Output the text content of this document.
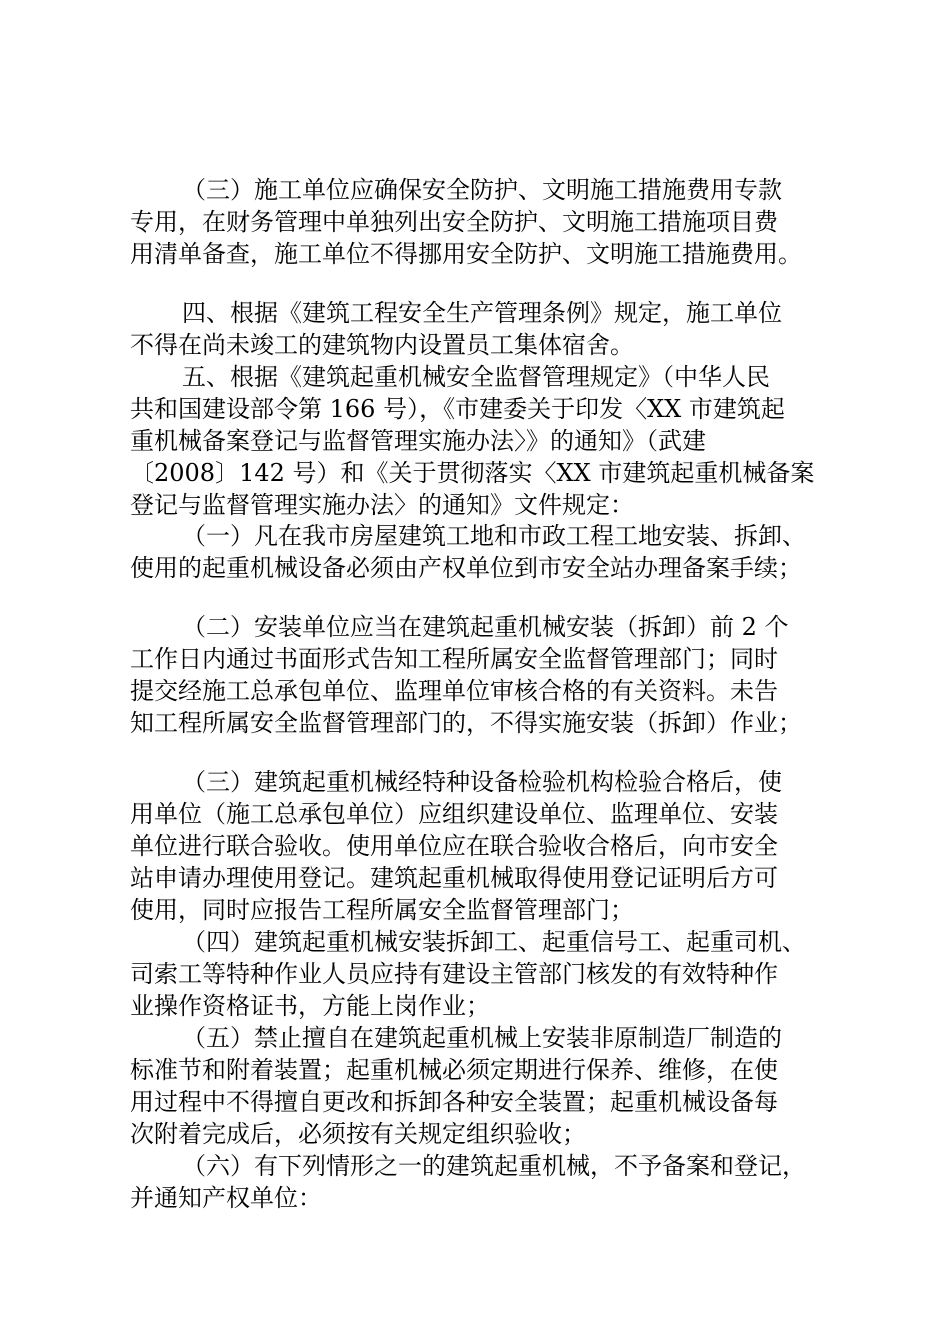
（三）施工单位应确保安全防护、文明施工措施费用专款
专用，在财务管理中单独列出安全防护、文明施工措施项目费
用清单备查，施工单位不得挪用安全防护、文明施工措施费用。
四、根据《建筑工程安全生产管理条例》规定，施工单位
不得在尚未竣工的建筑物内设置员工集体宿舍。
五、根据《建筑起重机械安全监督管理规定》（中华人民
共和国建设部令第 166 号），《市建委关于印发〈XX 市建筑起
重机械备案登记与监督管理实施办法〉》的通知》（武建
〔2008〕142 号）和《关于贯彻落实〈XX 市建筑起重机械备案
登记与监督管理实施办法〉的通知》文件规定：
（一）凡在我市房屋建筑工地和市政工程工地安装、拆卸、
使用的起重机械设备必须由产权单位到市安全站办理备案手续；
（二）安装单位应当在建筑起重机械安装（拆卸）前 2 个
工作日内通过书面形式告知工程所属安全监督管理部门；同时
提交经施工总承包单位、监理单位审核合格的有关资料。未告
知工程所属安全监督管理部门的，不得实施安装（拆卸）作业；
（三）建筑起重机械经特种设备检验机构检验合格后，使
用单位（施工总承包单位）应组织建设单位、监理单位、安装
单位进行联合验收。使用单位应在联合验收合格后，向市安全
站申请办理使用登记。建筑起重机械取得使用登记证明后方可
使用，同时应报告工程所属安全监督管理部门；
（四）建筑起重机械安装拆卸工、起重信号工、起重司机、
司索工等特种作业人员应持有建设主管部门核发的有效特种作
业操作资格证书，方能上岗作业；
（五）禁止擅自在建筑起重机械上安装非原制造厂制造的
标准节和附着装置；起重机械必须定期进行保养、维修，在使
用过程中不得擅自更改和拆卸各种安全装置；起重机械设备每
次附着完成后，必须按有关规定组织验收；
（六）有下列情形之一的建筑起重机械，不予备案和登记，
并通知产权单位：
